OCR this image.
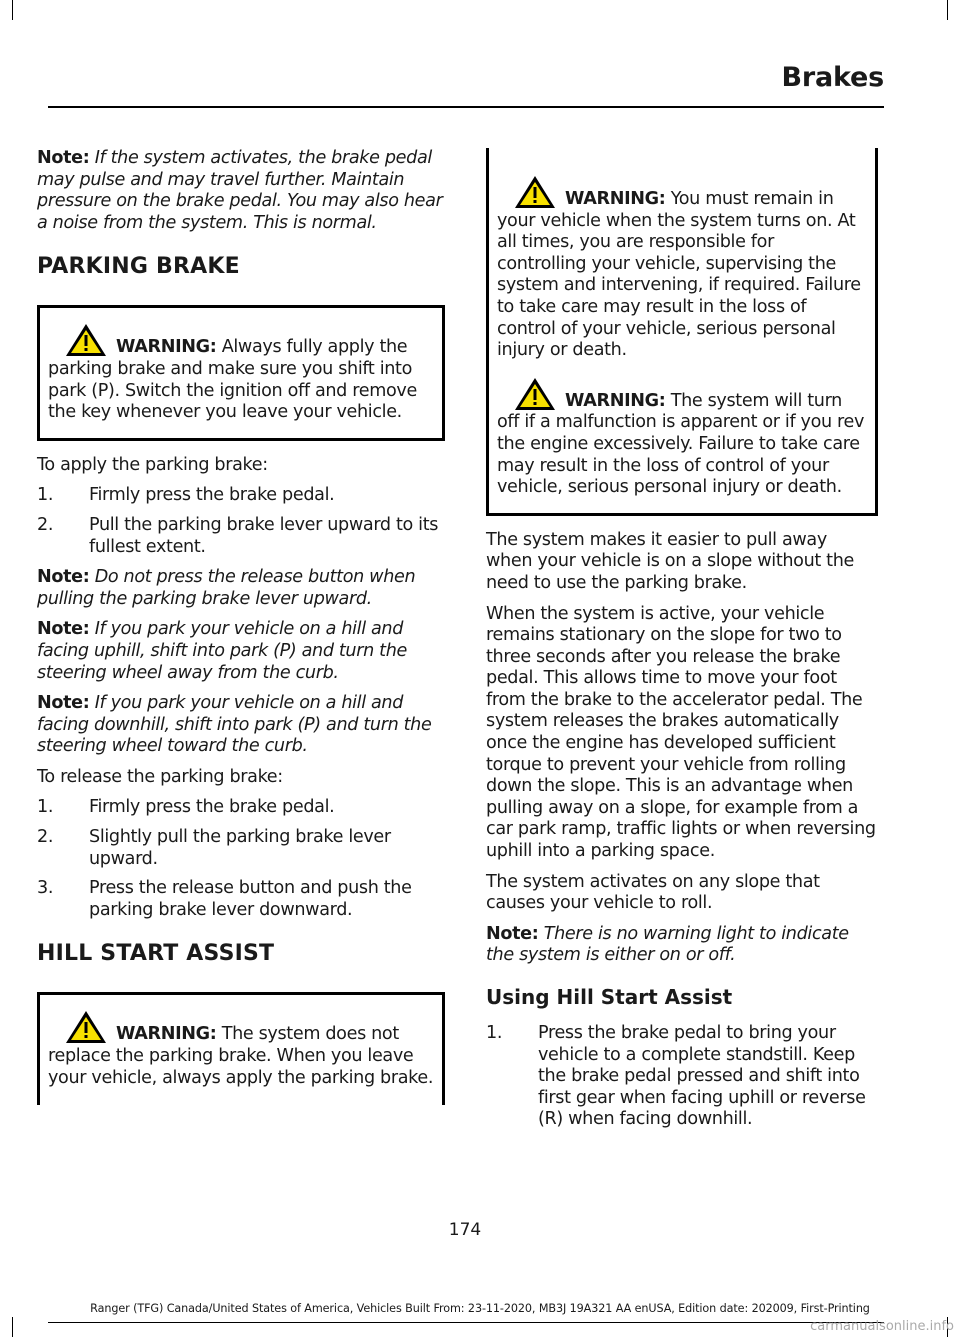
Brakes

Note: If the system activates, the brake pedal may pulse and may travel further. Maintain pressure on the brake pedal. You may also hear a noise from the system. This is normal.

PARKING BRAKE

WARNING: Always fully apply the parking brake and make sure you shift into park (P). Switch the ignition off and remove the key whenever you leave your vehicle.

To apply the parking brake:

1. Firmly press the brake pedal.
2. Pull the parking brake lever upward to its fullest extent.

Note: Do not press the release button when pulling the parking brake lever upward.

Note: If you park your vehicle on a hill and facing uphill, shift into park (P) and turn the steering wheel away from the curb.

Note: If you park your vehicle on a hill and facing downhill, shift into park (P) and turn the steering wheel toward the curb.

To release the parking brake:

1. Firmly press the brake pedal.
2. Slightly pull the parking brake lever upward.
3. Press the release button and push the parking brake lever downward.
HILL START ASSIST

WARNING: The system does not replace the parking brake. When you leave your vehicle, always apply the parking brake.

WARNING: You must remain in your vehicle when the system turns on. At all times, you are responsible for controlling your vehicle, supervising the system and intervening, if required. Failure to take care may result in the loss of control of your vehicle, serious personal injury or death.

WARNING: The system will turn off if a malfunction is apparent or if you rev the engine excessively. Failure to take care may result in the loss of control of your vehicle, serious personal injury or death.

The system makes it easier to pull away when your vehicle is on a slope without the need to use the parking brake.

When the system is active, your vehicle remains stationary on the slope for two to three seconds after you release the brake pedal. This allows time to move your foot from the brake to the accelerator pedal. The system releases the brakes automatically once the engine has developed sufficient torque to prevent your vehicle from rolling down the slope. This is an advantage when pulling away on a slope, for example from a car park ramp, traffic lights or when reversing uphill into a parking space.

The system activates on any slope that causes your vehicle to roll.

Note: There is no warning light to indicate the system is either on or off.

Using Hill Start Assist
1. Press the brake pedal to bring your vehicle to a complete standstill. Keep the brake pedal pressed and shift into first gear when facing uphill or reverse (R) when facing downhill.
174
Ranger (TFG) Canada/United States of America, Vehicles Built From: 23-11-2020, MB3J 19A321 AA enUSA, Edition date: 202009, First-Printing
carmanualsonline.info
